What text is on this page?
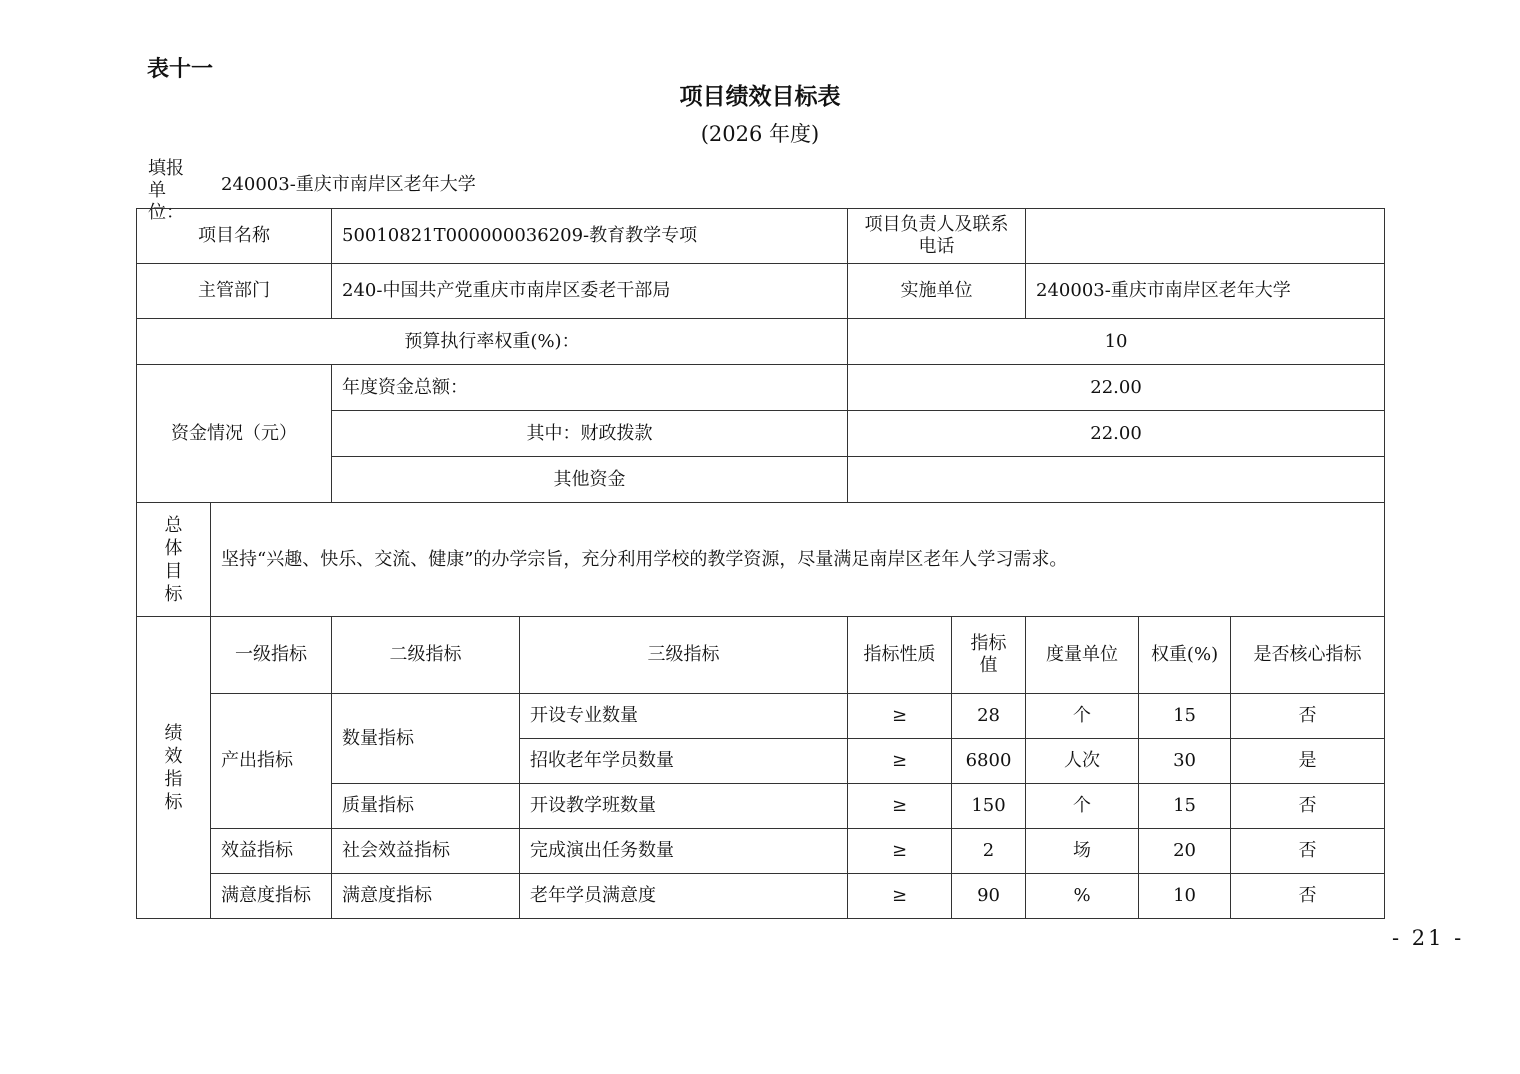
表十一
项目绩效目标表
(2026 年度)
填报单位：
240003-重庆市南岸区老年大学
项目名称		50010821T000000036209-教育教学专项		项目负责人及联系电话				
主管部门		240-中国共产党重庆市南岸区委老干部局		实施单位		240003-重庆市南岸区老年大学		
预算执行率权重(%)：				10				
资金情况（元）		年度资金总额：		22.00				
		其中：财政拨款		22.00				
		其他资金						
总体目标	坚持“兴趣、快乐、交流、健康”的办学宗旨，充分利用学校的教学资源，尽量满足南岸区老年人学习需求。							
绩效指标	一级指标	二级指标	三级指标	指标性质	指标值	度量单位	权重(%)	是否核心指标
	产出指标	数量指标	开设专业数量	≥	28	个	15	否
			招收老年学员数量	≥	6800	人次	30	是
		质量指标	开设教学班数量	≥	150	个	15	否
	效益指标	社会效益指标	完成演出任务数量	≥	2	场	20	否
	满意度指标	满意度指标	老年学员满意度	≥	90	%	10	否
- 21 -
